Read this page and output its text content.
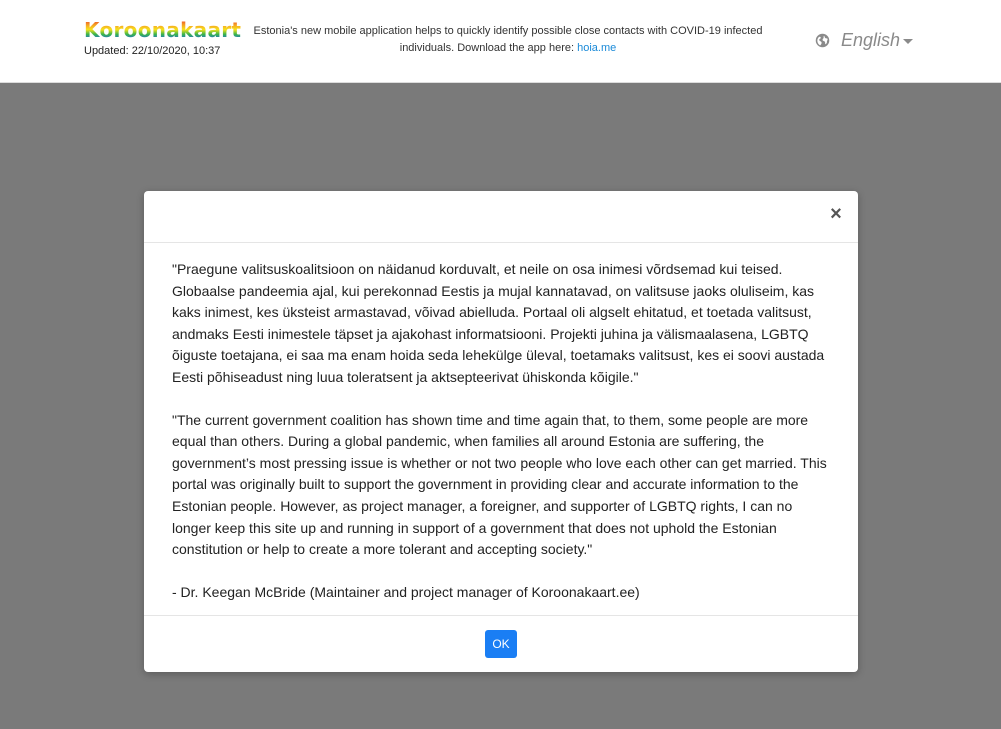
Koroonakaart
Updated: 22/10/2020, 10:37
Estonia's new mobile application helps to quickly identify possible close contacts with COVID-19 infected individuals. Download the app here: hoia.me	English
×

"Praegune valitsuskoalitsioon on näidanud korduvalt, et neile on osa inimesi võrdsemad kui teised. Globaalse pandeemia ajal, kui perekonnad Eestis ja mujal kannatavad, on valitsuse jaoks oluliseim, kas kaks inimest, kes üksteist armastavad, võivad abielluda. Portaal oli algselt ehitatud, et toetada valitsust, andmaks Eesti inimestele täpset ja ajakohast informatsiooni. Projekti juhina ja välismaalasena, LGBTQ õiguste toetajana, ei saa ma enam hoida seda lehekülge üleval, toetamaks valitsust, kes ei soovi austada Eesti põhiseadust ning luua toleratsent ja aktsepteerivat ühiskonda kõigile."

"The current government coalition has shown time and time again that, to them, some people are more equal than others. During a global pandemic, when families all around Estonia are suffering, the government’s most pressing issue is whether or not two people who love each other can get married. This portal was originally built to support the government in providing clear and accurate information to the Estonian people. However, as project manager, a foreigner, and supporter of LGBTQ rights, I can no longer keep this site up and running in support of a government that does not uphold the Estonian constitution or help to create a more tolerant and accepting society."

- Dr. Keegan McBride (Maintainer and project manager of Koroonakaart.ee)

OK
